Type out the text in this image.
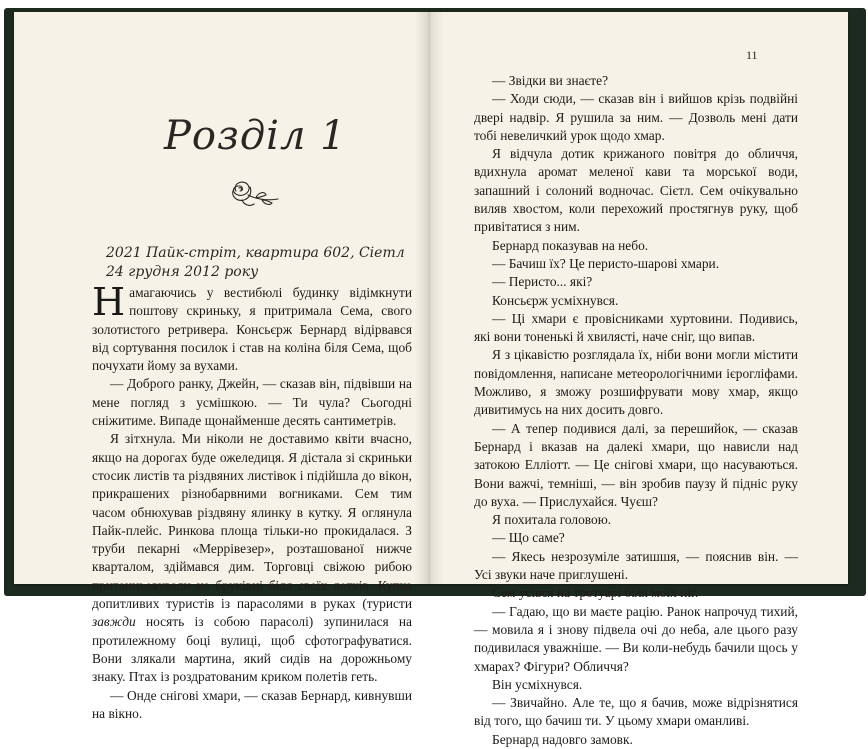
Розділ 1
2021 Пайк-стріт, квартира 602, Сіетл
24 грудня 2012 року

Намагаючись у вестибюлі будинку відімкнути поштову скриньку, я притримала Сема, свого золотистого ретривера. Консьєрж Бернард відірвався від сортування посилок і став на коліна біля Сема, щоб почухати йому за вухами.

— Доброго ранку, Джейн, — сказав він, підвівши на мене погляд з усмішкою. — Ти чула? Сьогодні сніжитиме. Випаде щонайменше десять сантиметрів.

Я зітхнула. Ми ніколи не доставимо квіти вчасно, якщо на дорогах буде ожеледиця. Я дістала зі скриньки стосик листів та різдвяних листівок і підійшла до вікон, прикрашених різнобарвними вогниками. Сем тим часом обнюхував різдвяну ялинку в кутку. Я оглянула Пайк-плейс. Ринкова площа тільки-но прокидалася. З труби пекарні «Меррівезер», розташованої нижче кварталом, здіймався дим. Торговці свіжою рибою пританцьовували на бруківці біля своїх лотків. Купка допитливих туристів із парасолями в руках (туристи завжди носять із собою парасолі) зупинилася на протилежному боці вулиці, щоб сфотографуватися. Вони злякали мартина, який сидів на дорожньому знаку. Птах із роздратованим криком полетів геть.

— Онде снігові хмари, — сказав Бернард, кивнувши на вікно.

— Звідки ви знаєте?

— Ходи сюди, — сказав він і вийшов крізь подвійні двері надвір. Я рушила за ним. — Дозволь мені дати тобі невеличкий урок щодо хмар.

Я відчула дотик крижаного повітря до обличчя, вдихнула аромат меленої кави та морської води, запашний і солоний водночас. Сієтл. Сем очікувально виляв хвостом, коли перехожий простягнув руку, щоб привітатися з ним.

Бернард показував на небо.

— Бачиш їх? Це перисто-шарові хмари.

— Перисто... які?

Консьєрж усміхнувся.

— Ці хмари є провісниками хуртовини. Подивись, які вони тоненькі й хвилясті, наче сніг, що випав.

Я з цікавістю розглядала їх, ніби вони могли містити повідомлення, написане метеорологічними ієрогліфами. Можливо, я зможу розшифрувати мову хмар, якщо дивитимусь на них досить довго.

— А тепер подивися далі, за перешийок, — сказав Бернард і вказав на далекі хмари, що нависли над затокою Елліотт. — Це снігові хмари, що насуваються. Вони важчі, темніші, — він зробив паузу й підніс руку до вуха. — Прислухайся. Чуєш?

Я похитала головою.

— Що саме?

— Якесь незрозуміле затишшя, — пояснив він. — Усі звуки наче приглушені.

Сем усівся на тротуарі біля моїх ніг.

— Гадаю, що ви маєте рацію. Ранок напрочуд тихий, — мовила я і знову підвела очі до неба, але цього разу подивилася уважніше. — Ви коли-небудь бачили щось у хмарах? Фігури? Обличчя?

Він усміхнувся.

— Звичайно. Але те, що я бачив, може відрізнятися від того, що бачиш ти. У цьому хмари оманливі.

Бернард надовго замовк.

11
